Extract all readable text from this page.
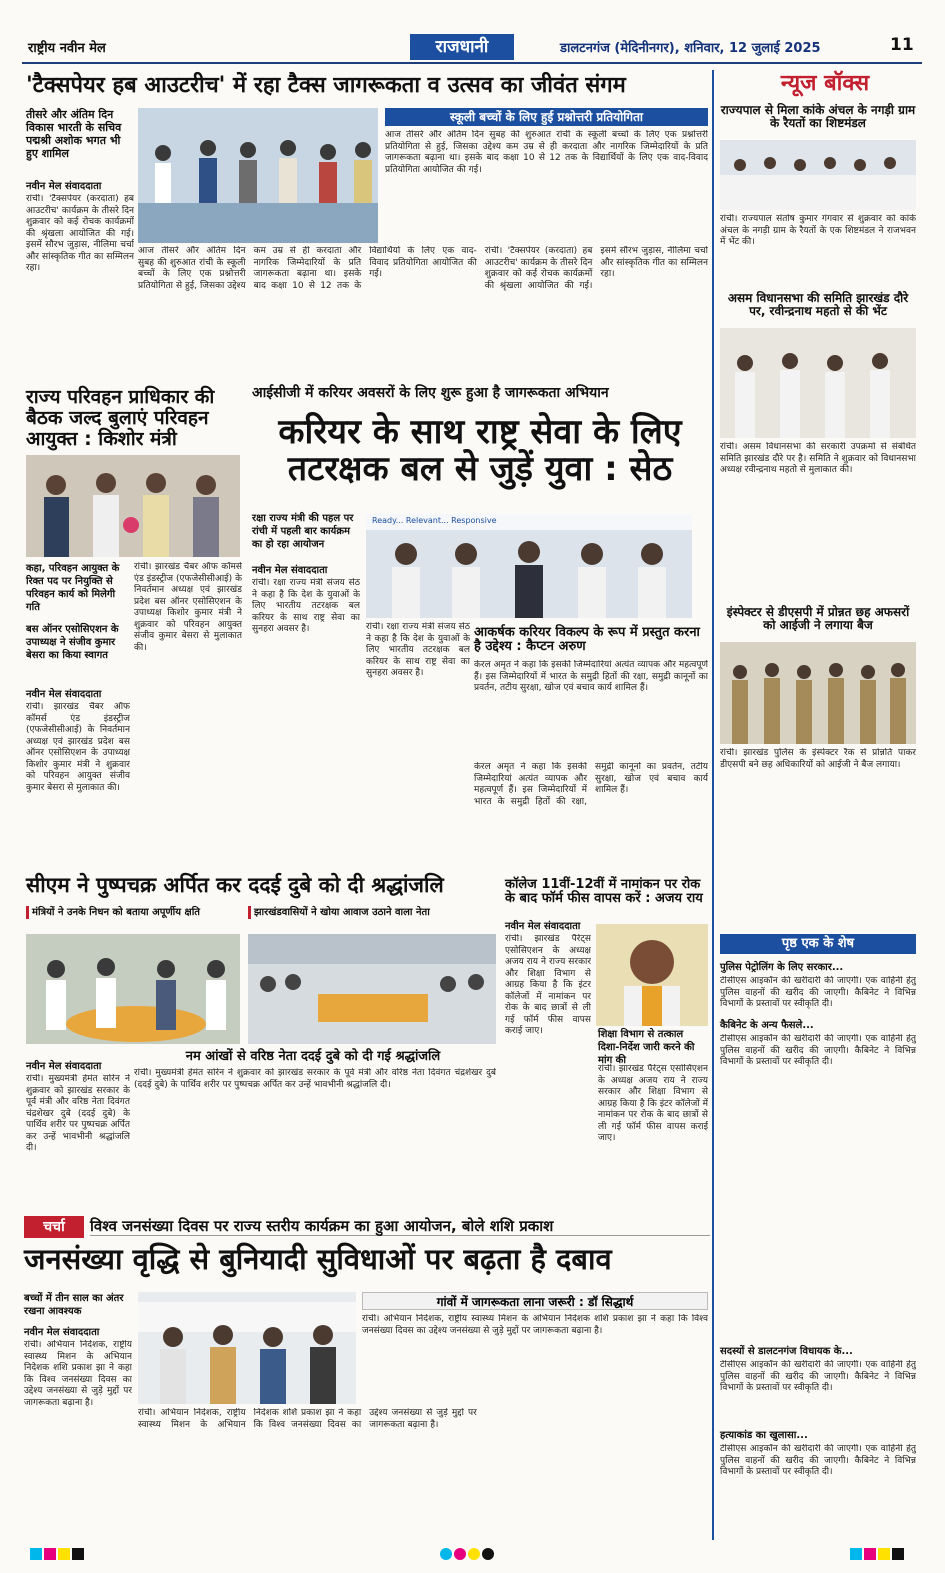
राष्ट्रीय नवीन मेल	राजधानी	डालटनगंज (मेदिनीनगर), शनिवार, 12 जुलाई 2025	11
'टैक्सपेयर हब आउटरीच' में रहा टैक्स जागरूकता व उत्सव का जीवंत संगम
तीसरे और अंतिम दिन विकास भारती के सचिव पद्मश्री अशोक भगत भी हुए शामिल
नवीन मेल संवाददाता
रांची। 'टैक्सपेयर (करदाता) हब आउटरीच' कार्यक्रम के तीसरे दिन शुक्रवार को कई रोचक कार्यक्रमों की श्रृंखला आयोजित की गई। इसमें सौरभ जुड़ास, नीलिमा चर्चा और सांस्कृतिक गीत का सम्मिलन रहा।
स्कूली बच्चों के लिए हुई प्रश्नोत्तरी प्रतियोगिता
आज तीसरे और अंतिम दिन सुबह की शुरुआत रांची के स्कूली बच्चों के लिए एक प्रश्नोत्तरी प्रतियोगिता से हुई, जिसका उद्देश्य कम उम्र से ही करदाता और नागरिक जिम्मेदारियों के प्रति जागरूकता बढ़ाना था। इसके बाद कक्षा 10 से 12 तक के विद्यार्थियों के लिए एक वाद-विवाद प्रतियोगिता आयोजित की गई।
आज तीसरे और अंतिम दिन सुबह की शुरुआत रांची के स्कूली बच्चों के लिए एक प्रश्नोत्तरी प्रतियोगिता से हुई, जिसका उद्देश्य कम उम्र से ही करदाता और नागरिक जिम्मेदारियों के प्रति जागरूकता बढ़ाना था। इसके बाद कक्षा 10 से 12 तक के विद्यार्थियों के लिए एक वाद-विवाद प्रतियोगिता आयोजित की गई।
रांची। 'टैक्सपेयर (करदाता) हब आउटरीच' कार्यक्रम के तीसरे दिन शुक्रवार को कई रोचक कार्यक्रमों की श्रृंखला आयोजित की गई। इसमें सौरभ जुड़ास, नीलिमा चर्चा और सांस्कृतिक गीत का सम्मिलन रहा।
राज्य परिवहन प्राधिकार की बैठक जल्द बुलाएं परिवहन आयुक्त : किशोर मंत्री
कहा, परिवहन आयुक्त के रिक्त पद पर नियुक्ति से परिवहन कार्य को मिलेगी गति
बस ऑनर एसोसिएशन के उपाध्यक्ष ने संजीव कुमार बेसरा का किया स्वागत
नवीन मेल संवाददाता
रांची। झारखंड चैंबर ऑफ कॉमर्स एंड इंडस्ट्रीज (एफजेसीसीआई) के निवर्तमान अध्यक्ष एवं झारखंड प्रदेश बस ऑनर एसोसिएशन के उपाध्यक्ष किशोर कुमार मंत्री ने शुक्रवार को परिवहन आयुक्त संजीव कुमार बेसरा से मुलाकात की।
रांची। झारखंड चैंबर ऑफ कॉमर्स एंड इंडस्ट्रीज (एफजेसीसीआई) के निवर्तमान अध्यक्ष एवं झारखंड प्रदेश बस ऑनर एसोसिएशन के उपाध्यक्ष किशोर कुमार मंत्री ने शुक्रवार को परिवहन आयुक्त संजीव कुमार बेसरा से मुलाकात की।
आईसीजी में करियर अवसरों के लिए शुरू हुआ है जागरूकता अभियान
करियर के साथ राष्ट्र सेवा के लिए तटरक्षक बल से जुड़ें युवा : सेठ
रक्षा राज्य मंत्री की पहल पर रांची में पहली बार कार्यक्रम का हो रहा आयोजन
नवीन मेल संवाददाता
रांची। रक्षा राज्य मंत्री संजय सेठ ने कहा है कि देश के युवाओं के लिए भारतीय तटरक्षक बल करियर के साथ राष्ट्र सेवा का सुनहरा अवसर है।
Ready... Relevant... Responsive
आकर्षक करियर विकल्प के रूप में प्रस्तुत करना है उद्देश्य : कैप्टन अरुण
केरल अमृत ने कहा कि इसकी जिम्मेदारियां अत्यंत व्यापक और महत्वपूर्ण हैं। इस जिम्मेदारियों में भारत के समुद्री हितों की रक्षा, समुद्री कानूनों का प्रवर्तन, तटीय सुरक्षा, खोज एवं बचाव कार्य शामिल हैं।
रांची। रक्षा राज्य मंत्री संजय सेठ ने कहा है कि देश के युवाओं के लिए भारतीय तटरक्षक बल करियर के साथ राष्ट्र सेवा का सुनहरा अवसर है।
केरल अमृत ने कहा कि इसकी जिम्मेदारियां अत्यंत व्यापक और महत्वपूर्ण हैं। इस जिम्मेदारियों में भारत के समुद्री हितों की रक्षा, समुद्री कानूनों का प्रवर्तन, तटीय सुरक्षा, खोज एवं बचाव कार्य शामिल हैं।
सीएम ने पुष्पचक्र अर्पित कर ददई दुबे को दी श्रद्धांजलि
मंत्रियों ने उनके निधन को बताया अपूर्णीय क्षति	झारखंडवासियों ने खोया आवाज उठाने वाला नेता
नम आंखों से वरिष्ठ नेता ददई दुबे को दी गई श्रद्धांजलि
नवीन मेल संवाददाता
रांची। मुख्यमंत्री हेमंत सोरेन ने शुक्रवार को झारखंड सरकार के पूर्व मंत्री और वरिष्ठ नेता दिवंगत चंद्रशेखर दुबे (ददई दुबे) के पार्थिव शरीर पर पुष्पचक्र अर्पित कर उन्हें भावभीनी श्रद्धांजलि दी।
रांची। मुख्यमंत्री हेमंत सोरेन ने शुक्रवार को झारखंड सरकार के पूर्व मंत्री और वरिष्ठ नेता दिवंगत चंद्रशेखर दुबे (ददई दुबे) के पार्थिव शरीर पर पुष्पचक्र अर्पित कर उन्हें भावभीनी श्रद्धांजलि दी।
कॉलेज 11वीं-12वीं में नामांकन पर रोक के बाद फॉर्म फीस वापस करें : अजय राय
नवीन मेल संवाददाता
रांची। झारखंड पैरेंट्स एसोसिएशन के अध्यक्ष अजय राय ने राज्य सरकार और शिक्षा विभाग से आग्रह किया है कि इंटर कॉलेजों में नामांकन पर रोक के बाद छात्रों से ली गई फॉर्म फीस वापस कराई जाए।	शिक्षा विभाग से तत्काल दिशा-निर्देश जारी करने की मांग की
रांची। झारखंड पैरेंट्स एसोसिएशन के अध्यक्ष अजय राय ने राज्य सरकार और शिक्षा विभाग से आग्रह किया है कि इंटर कॉलेजों में नामांकन पर रोक के बाद छात्रों से ली गई फॉर्म फीस वापस कराई जाए।
चर्चा	विश्व जनसंख्या दिवस पर राज्य स्तरीय कार्यक्रम का हुआ आयोजन, बोले शशि प्रकाश
जनसंख्या वृद्धि से बुनियादी सुविधाओं पर बढ़ता है दबाव
बच्चों में तीन साल का अंतर रखना आवश्यक
नवीन मेल संवाददाता
रांची। अभियान निदेशक, राष्ट्रीय स्वास्थ्य मिशन के अभियान निदेशक शशि प्रकाश झा ने कहा कि विश्व जनसंख्या दिवस का उद्देश्य जनसंख्या से जुड़े मुद्दों पर जागरूकता बढ़ाना है।
गांवों में जागरूकता लाना जरूरी : डॉ सिद्धार्थ
रांची। अभियान निदेशक, राष्ट्रीय स्वास्थ्य मिशन के अभियान निदेशक शशि प्रकाश झा ने कहा कि विश्व जनसंख्या दिवस का उद्देश्य जनसंख्या से जुड़े मुद्दों पर जागरूकता बढ़ाना है।
रांची। अभियान निदेशक, राष्ट्रीय स्वास्थ्य मिशन के अभियान निदेशक शशि प्रकाश झा ने कहा कि विश्व जनसंख्या दिवस का उद्देश्य जनसंख्या से जुड़े मुद्दों पर जागरूकता बढ़ाना है।
न्यूज बॉक्स
राज्यपाल से मिला कांके अंचल के नगड़ी ग्राम के रैयतों का शिष्टमंडल
रांची। राज्यपाल संतोष कुमार गंगवार से शुक्रवार को कांके अंचल के नगड़ी ग्राम के रैयतों के एक शिष्टमंडल ने राजभवन में भेंट की।
असम विधानसभा की समिति झारखंड दौरे पर, रवीन्द्रनाथ महतो से की भेंट
रांची। असम विधानसभा की सरकारी उपक्रमों से संबंधित समिति झारखंड दौरे पर है। समिति ने शुक्रवार को विधानसभा अध्यक्ष रवीन्द्रनाथ महतो से मुलाकात की।
इंस्पेक्टर से डीएसपी में प्रोन्नत छह अफसरों को आईजी ने लगाया बैज
रांची। झारखंड पुलिस के इंस्पेक्टर रैंक से प्रोन्नति पाकर डीएसपी बने छह अधिकारियों को आईजी ने बैज लगाया।
पृष्ठ एक के शेष
पुलिस पेट्रोलिंग के लिए सरकार...
टीसीएस आइकॉन की खरीदारी की जाएगी। एक वाहिनी हेतु पुलिस वाहनों की खरीद की जाएगी। कैबिनेट ने विभिन्न विभागों के प्रस्तावों पर स्वीकृति दी।
कैबिनेट के अन्य फैसले...
टीसीएस आइकॉन की खरीदारी की जाएगी। एक वाहिनी हेतु पुलिस वाहनों की खरीद की जाएगी। कैबिनेट ने विभिन्न विभागों के प्रस्तावों पर स्वीकृति दी।
सदस्यों से डालटनगंज विधायक के...
टीसीएस आइकॉन की खरीदारी की जाएगी। एक वाहिनी हेतु पुलिस वाहनों की खरीद की जाएगी। कैबिनेट ने विभिन्न विभागों के प्रस्तावों पर स्वीकृति दी।
हत्याकांड का खुलासा...
टीसीएस आइकॉन की खरीदारी की जाएगी। एक वाहिनी हेतु पुलिस वाहनों की खरीद की जाएगी। कैबिनेट ने विभिन्न विभागों के प्रस्तावों पर स्वीकृति दी।
